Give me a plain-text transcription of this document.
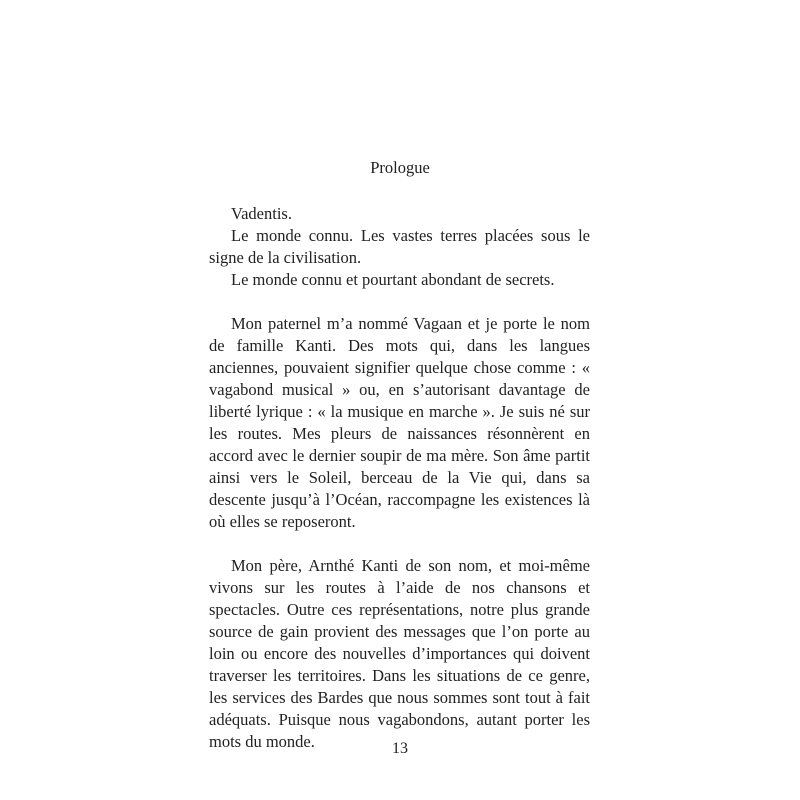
Prologue

Vadentis.

Le monde connu. Les vastes terres placées sous le signe de la civilisation.

Le monde connu et pourtant abondant de secrets.

Mon paternel m’a nommé Vagaan et je porte le nom de famille Kanti. Des mots qui, dans les langues anciennes, pouvaient signifier quelque chose comme : « vagabond musical » ou, en s’autorisant davantage de liberté lyrique : « la musique en marche ». Je suis né sur les routes. Mes pleurs de naissances résonnèrent en accord avec le dernier soupir de ma mère. Son âme partit ainsi vers le Soleil, berceau de la Vie qui, dans sa descente jusqu’à l’Océan, raccompagne les existences là où elles se reposeront.

Mon père, Arnthé Kanti de son nom, et moi-même vivons sur les routes à l’aide de nos chansons et spectacles. Outre ces représentations, notre plus grande source de gain provient des messages que l’on porte au loin ou encore des nouvelles d’importances qui doivent traverser les territoires. Dans les situations de ce genre, les services des Bardes que nous sommes sont tout à fait adéquats. Puisque nous vagabondons, autant porter les mots du monde.	13
